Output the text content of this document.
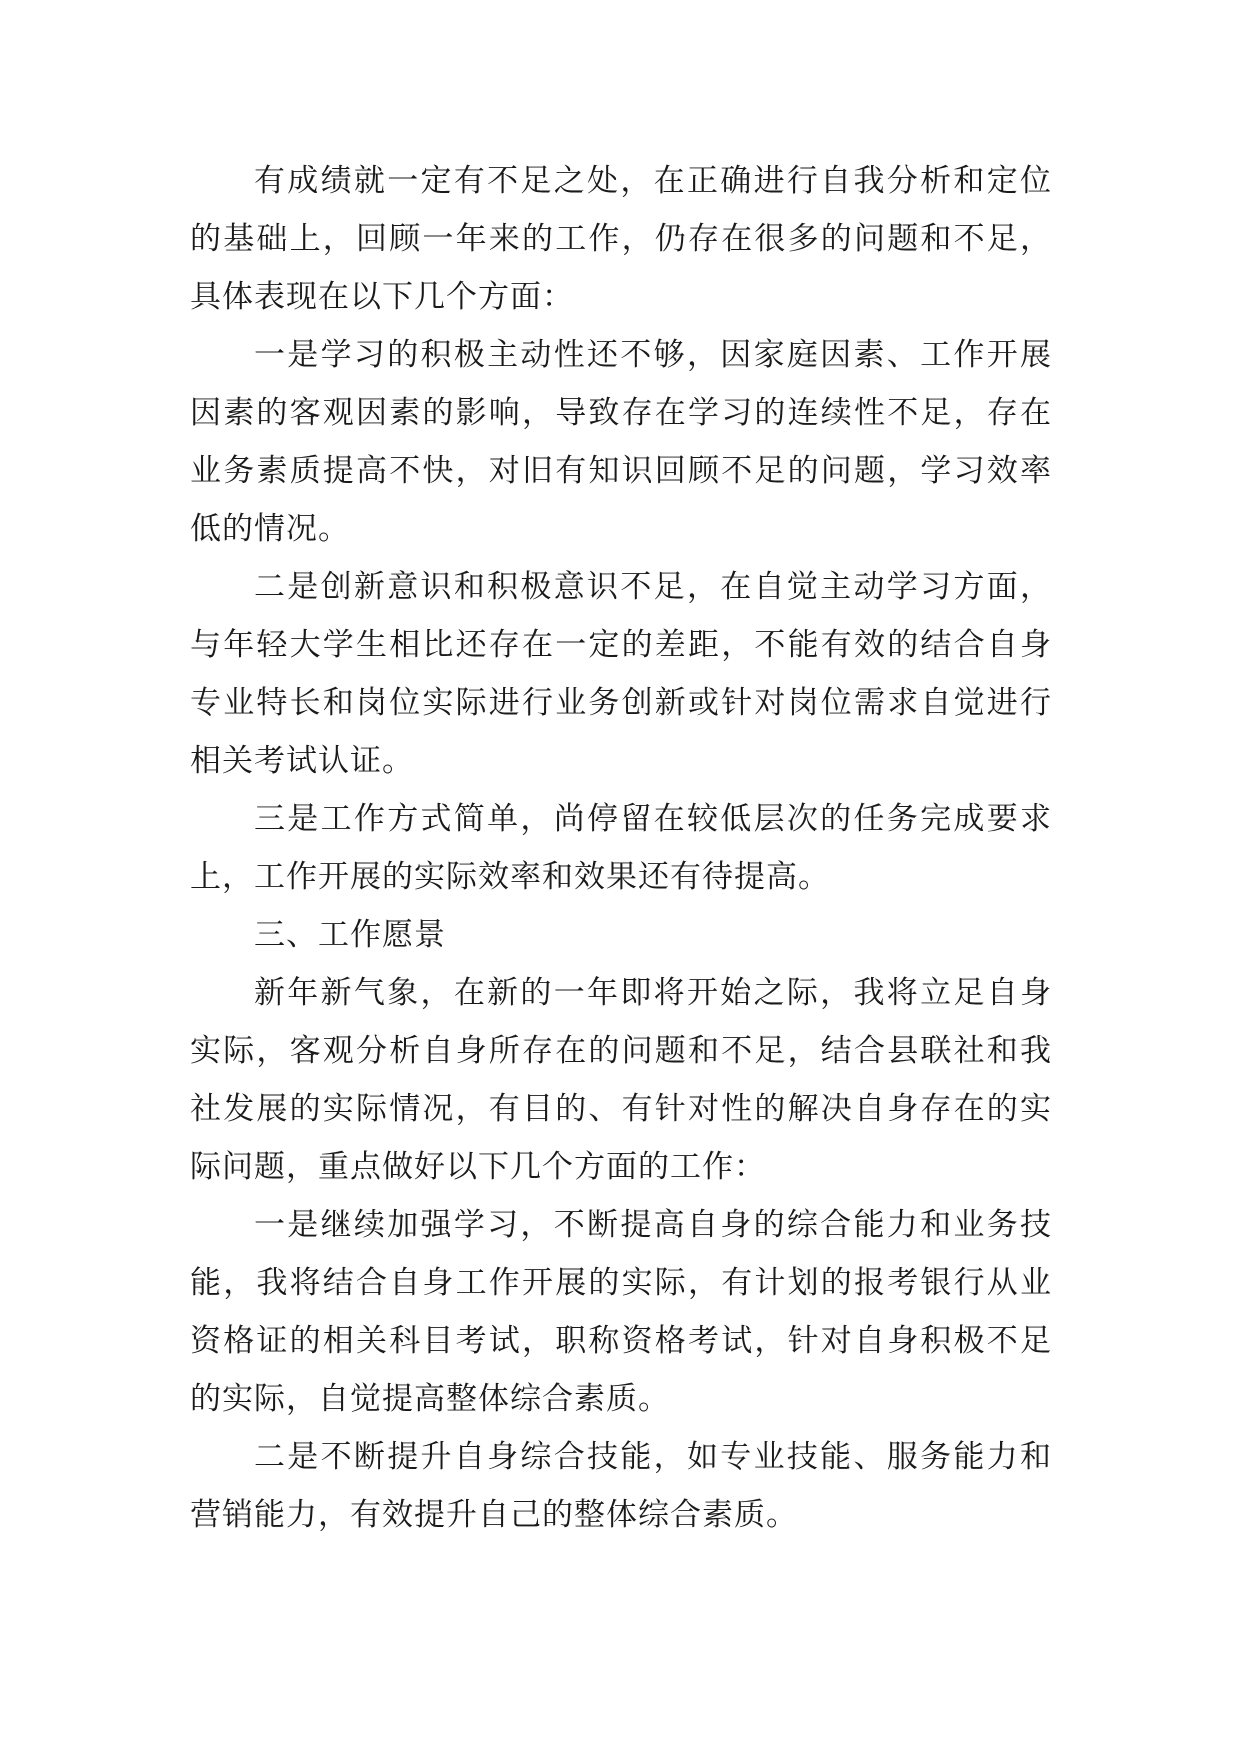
有成绩就一定有不足之处，在正确进行自我分析和定位的基础上，回顾一年来的工作，仍存在很多的问题和不足，具体表现在以下几个方面：

一是学习的积极主动性还不够，因家庭因素、工作开展因素的客观因素的影响，导致存在学习的连续性不足，存在业务素质提高不快，对旧有知识回顾不足的问题，学习效率低的情况。

二是创新意识和积极意识不足，在自觉主动学习方面，与年轻大学生相比还存在一定的差距，不能有效的结合自身专业特长和岗位实际进行业务创新或针对岗位需求自觉进行相关考试认证。

三是工作方式简单，尚停留在较低层次的任务完成要求上，工作开展的实际效率和效果还有待提高。

三、工作愿景

新年新气象，在新的一年即将开始之际，我将立足自身实际，客观分析自身所存在的问题和不足，结合县联社和我社发展的实际情况，有目的、有针对性的解决自身存在的实际问题，重点做好以下几个方面的工作：

一是继续加强学习，不断提高自身的综合能力和业务技能，我将结合自身工作开展的实际，有计划的报考银行从业资格证的相关科目考试，职称资格考试，针对自身积极不足的实际，自觉提高整体综合素质。

二是不断提升自身综合技能，如专业技能、服务能力和营销能力，有效提升自己的整体综合素质。
